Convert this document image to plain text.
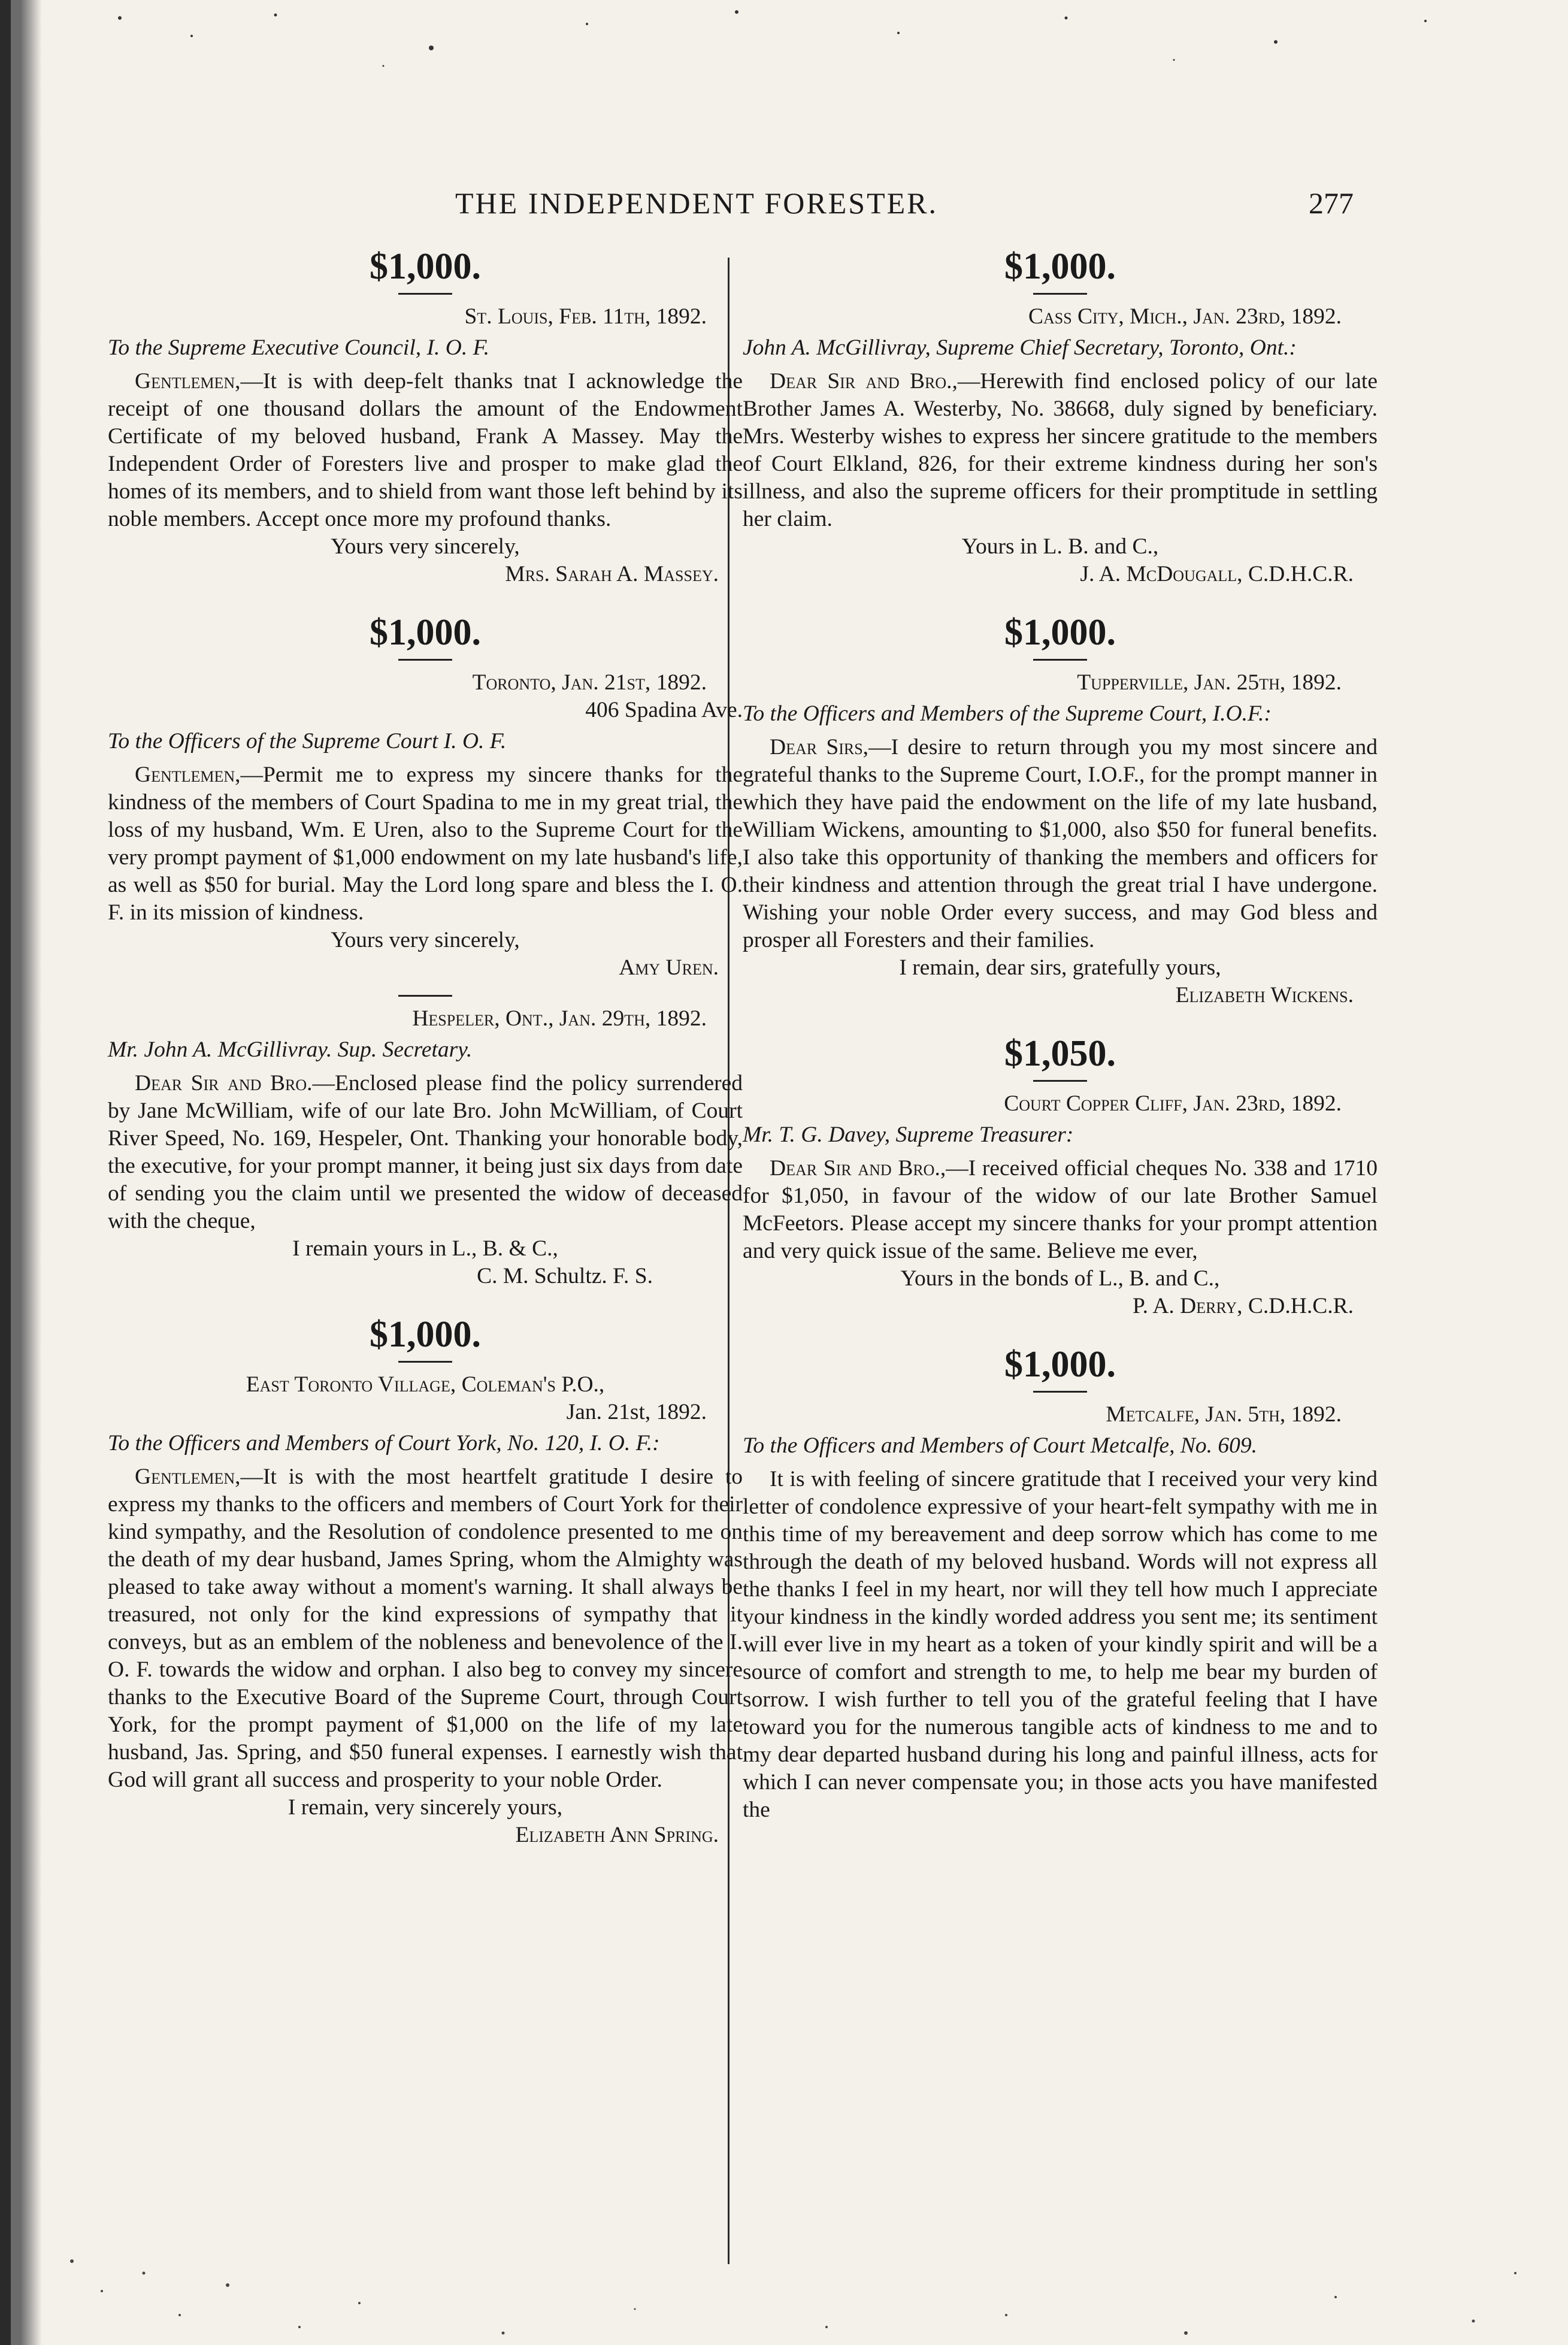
THE INDEPENDENT FORESTER.	277
$1,000.
St. Louis, Feb. 11th, 1892.
To the Supreme Executive Council, I. O. F.

Gentlemen,—It is with deep-felt thanks tnat I acknowledge the receipt of one thousand dollars the amount of the Endowment Certificate of my beloved husband, Frank A Massey. May the Independent Order of Foresters live and prosper to make glad the homes of its members, and to shield from want those left behind by its noble members. Accept once more my profound thanks.

Yours very sincerely,
Mrs. Sarah A. Massey.
$1,000.
Toronto, Jan. 21st, 1892.
406 Spadina Ave.
To the Officers of the Supreme Court I. O. F.

Gentlemen,—Permit me to express my sincere thanks for the kindness of the members of Court Spadina to me in my great trial, the loss of my husband, Wm. E Uren, also to the Supreme Court for the very prompt payment of $1,000 endowment on my late husband's life, as well as $50 for burial. May the Lord long spare and bless the I. O. F. in its mission of kindness.

Yours very sincerely,
Amy Uren.
Hespeler, Ont., Jan. 29th, 1892.
Mr. John A. McGillivray. Sup. Secretary.

Dear Sir and Bro.—Enclosed please find the policy surrendered by Jane McWilliam, wife of our late Bro. John McWilliam, of Court River Speed, No. 169, Hespeler, Ont. Thanking your honorable body, the executive, for your prompt manner, it being just six days from date of sending you the claim until we presented the widow of deceased with the cheque,

I remain yours in L., B. & C.,
C. M. Schultz. F. S.
$1,000.
East Toronto Village, Coleman's P.O.,
Jan. 21st, 1892.
To the Officers and Members of Court York, No. 120, I. O. F.:

Gentlemen,—It is with the most heartfelt gratitude I desire to express my thanks to the officers and members of Court York for their kind sympathy, and the Resolution of condolence presented to me on the death of my dear husband, James Spring, whom the Almighty was pleased to take away without a moment's warning. It shall always be treasured, not only for the kind expressions of sympathy that it conveys, but as an emblem of the nobleness and benevolence of the I. O. F. towards the widow and orphan. I also beg to convey my sincere thanks to the Executive Board of the Supreme Court, through Court York, for the prompt payment of $1,000 on the life of my late husband, Jas. Spring, and $50 funeral expenses. I earnestly wish that God will grant all success and prosperity to your noble Order.

I remain, very sincerely yours,
Elizabeth Ann Spring.
$1,000.
Cass City, Mich., Jan. 23rd, 1892.
John A. McGillivray, Supreme Chief Secretary, Toronto, Ont.:

Dear Sir and Bro.,—Herewith find enclosed policy of our late Brother James A. Westerby, No. 38668, duly signed by beneficiary. Mrs. Westerby wishes to express her sincere gratitude to the members of Court Elkland, 826, for their extreme kindness during her son's illness, and also the supreme officers for their promptitude in settling her claim.

Yours in L. B. and C.,
J. A. McDougall, C.D.H.C.R.
$1,000.
Tupperville, Jan. 25th, 1892.
To the Officers and Members of the Supreme Court, I.O.F.:

Dear Sirs,—I desire to return through you my most sincere and grateful thanks to the Supreme Court, I.O.F., for the prompt manner in which they have paid the endowment on the life of my late husband, William Wickens, amounting to $1,000, also $50 for funeral benefits. I also take this opportunity of thanking the members and officers for their kindness and attention through the great trial I have undergone. Wishing your noble Order every success, and may God bless and prosper all Foresters and their families.

I remain, dear sirs, gratefully yours,
Elizabeth Wickens.
$1,050.
Court Copper Cliff, Jan. 23rd, 1892.
Mr. T. G. Davey, Supreme Treasurer:

Dear Sir and Bro.,—I received official cheques No. 338 and 1710 for $1,050, in favour of the widow of our late Brother Samuel McFeetors. Please accept my sincere thanks for your prompt attention and very quick issue of the same. Believe me ever,

Yours in the bonds of L., B. and C.,
P. A. Derry, C.D.H.C.R.
$1,000.
Metcalfe, Jan. 5th, 1892.
To the Officers and Members of Court Metcalfe, No. 609.

It is with feeling of sincere gratitude that I received your very kind letter of condolence expressive of your heart-felt sympathy with me in this time of my bereavement and deep sorrow which has come to me through the death of my beloved husband. Words will not express all the thanks I feel in my heart, nor will they tell how much I appreciate your kindness in the kindly worded address you sent me; its sentiment will ever live in my heart as a token of your kindly spirit and will be a source of comfort and strength to me, to help me bear my burden of sorrow. I wish further to tell you of the grateful feeling that I have toward you for the numerous tangible acts of kindness to me and to my dear departed husband during his long and painful illness, acts for which I can never compensate you; in those acts you have manifested the
